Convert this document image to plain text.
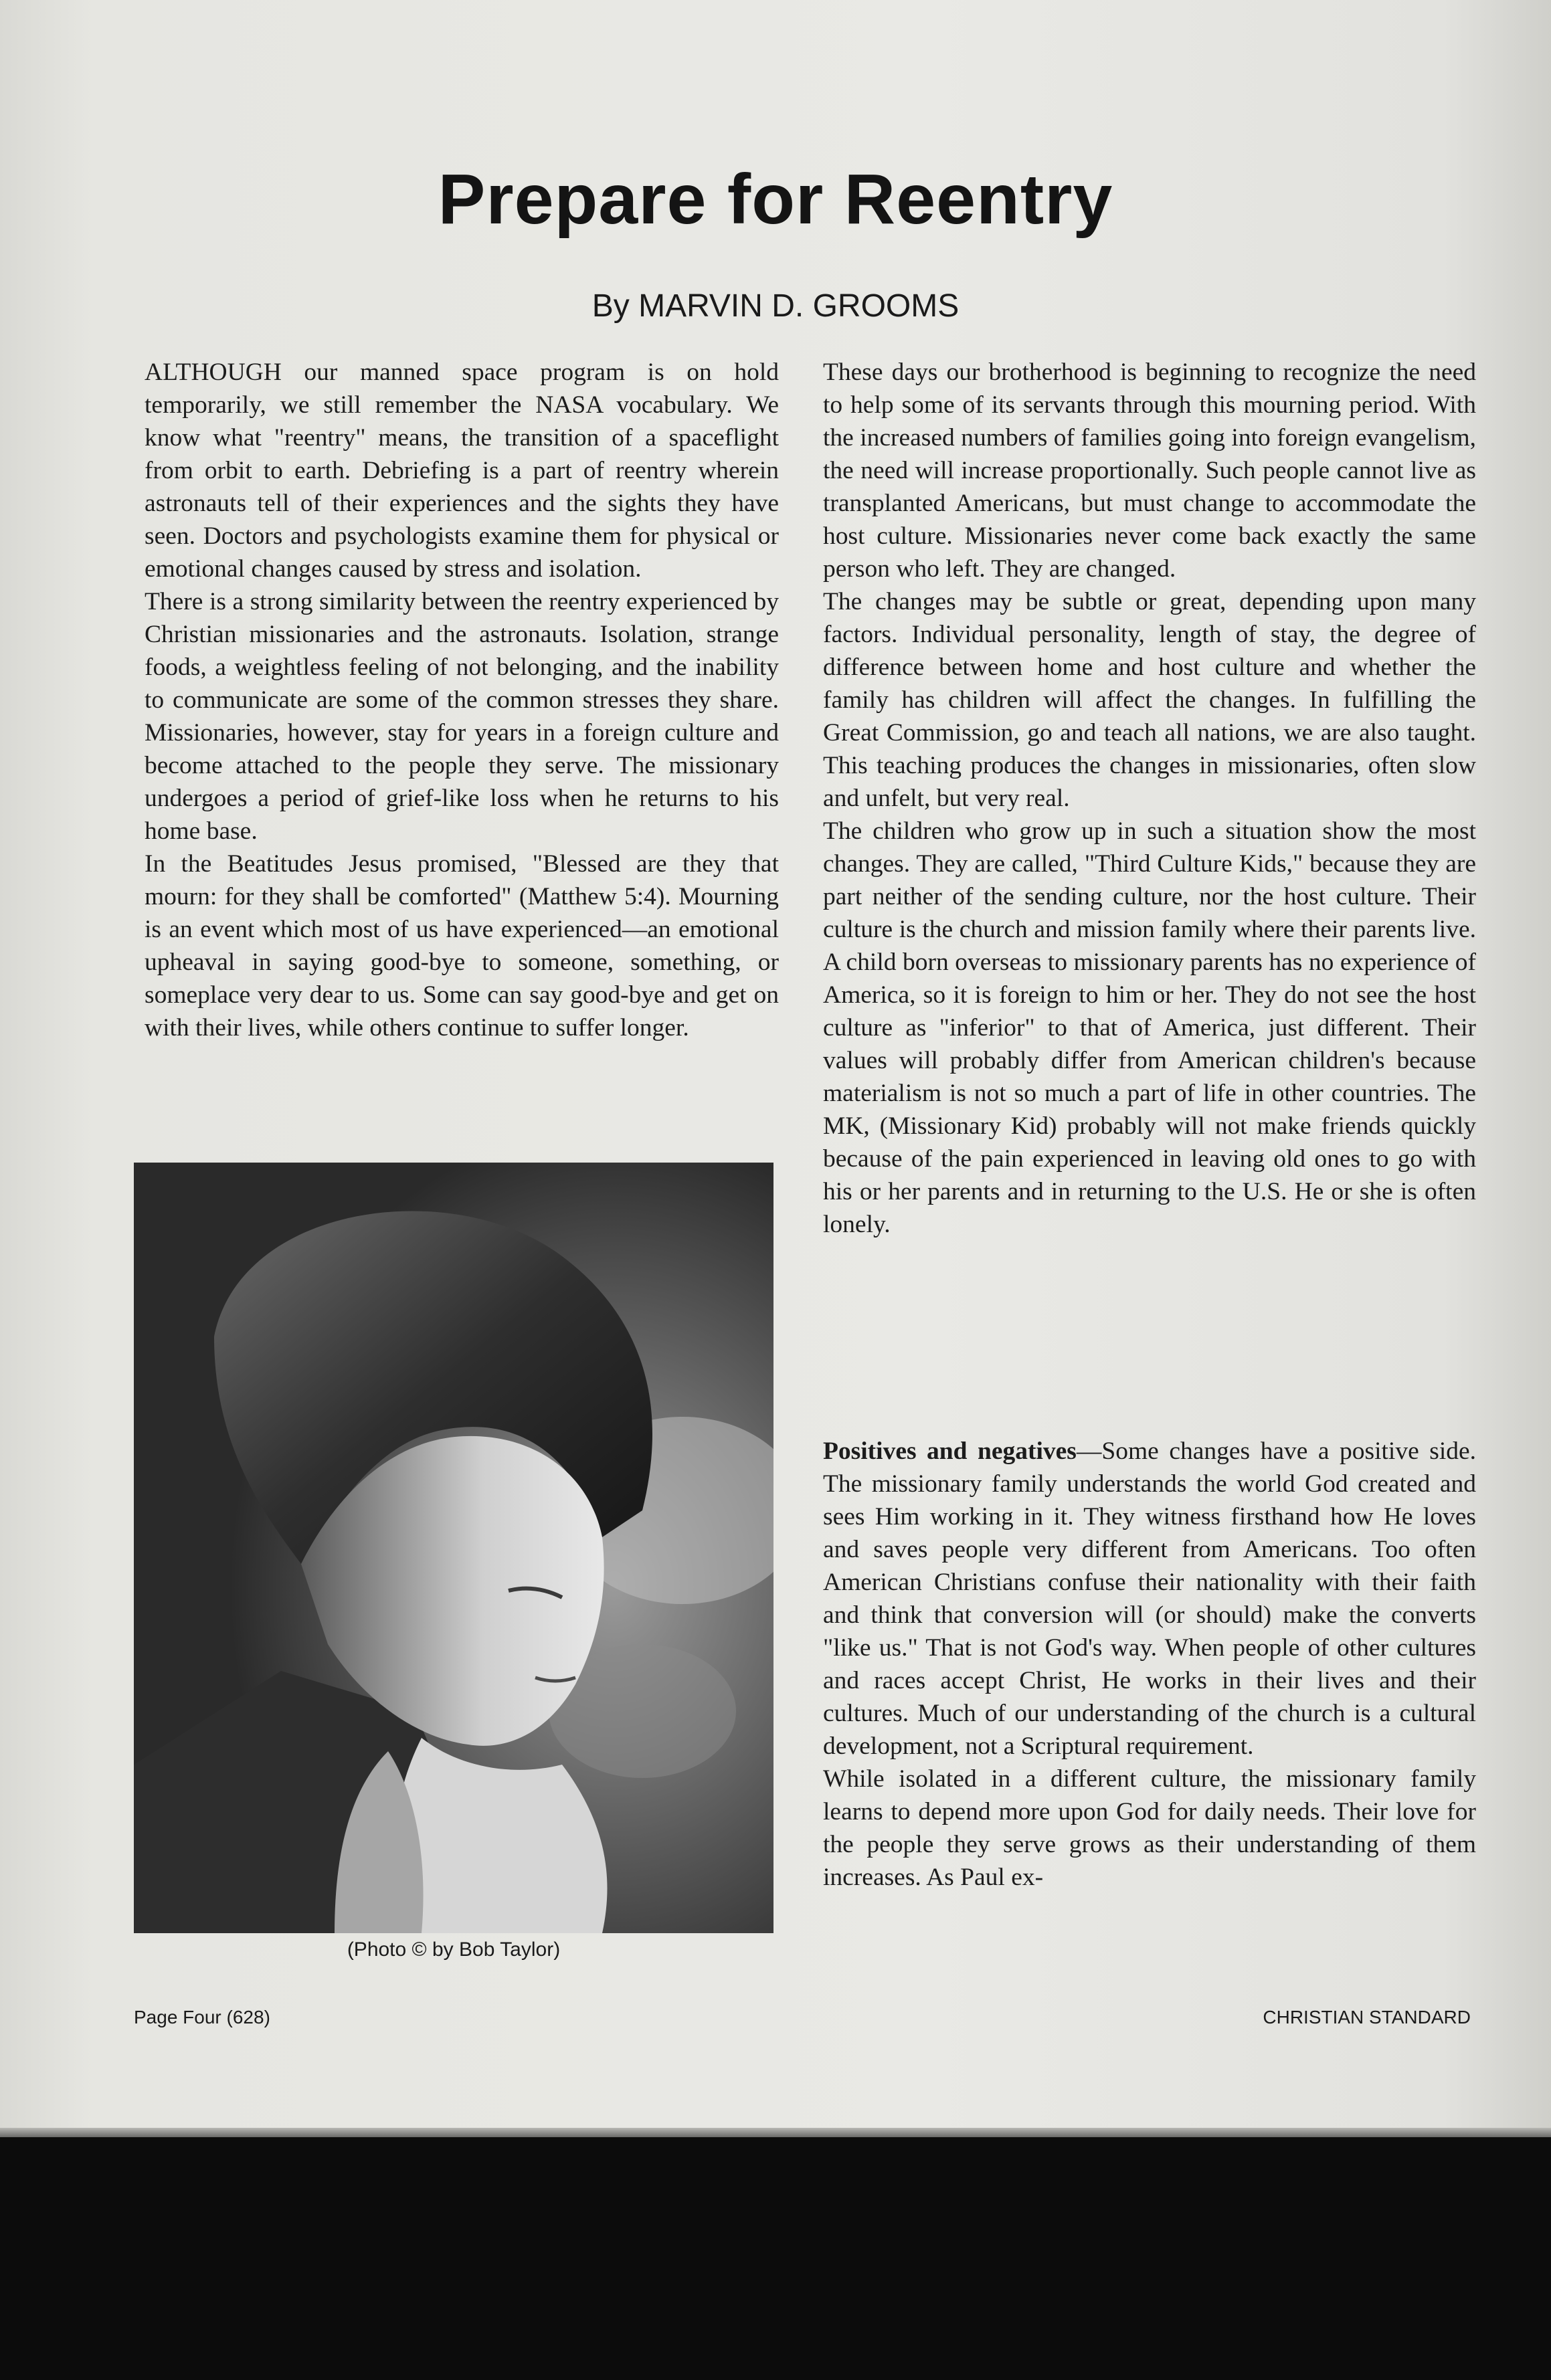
Prepare for Reentry
By MARVIN D. GROOMS

ALTHOUGH our manned space program is on hold temporarily, we still remember the NASA vocabulary. We know what "reentry" means, the transition of a spaceflight from orbit to earth. Debriefing is a part of reentry wherein astronauts tell of their experiences and the sights they have seen. Doctors and psychologists examine them for physical or emotional changes caused by stress and isolation.

There is a strong similarity between the reentry experienced by Christian missionaries and the astronauts. Isolation, strange foods, a weightless feeling of not belonging, and the inability to communicate are some of the common stresses they share. Missionaries, however, stay for years in a foreign culture and become attached to the people they serve. The missionary undergoes a period of grief-like loss when he returns to his home base.

In the Beatitudes Jesus promised, "Blessed are they that mourn: for they shall be comforted" (Matthew 5:4). Mourning is an event which most of us have experienced—an emotional upheaval in saying good-bye to someone, something, or someplace very dear to us. Some can say good-bye and get on with their lives, while others continue to suffer longer.

(Photo © by Bob Taylor)

These days our brotherhood is beginning to recognize the need to help some of its servants through this mourning period. With the increased numbers of families going into foreign evangelism, the need will increase proportionally. Such people cannot live as transplanted Americans, but must change to accommodate the host culture. Missionaries never come back exactly the same person who left. They are changed.

The changes may be subtle or great, depending upon many factors. Individual personality, length of stay, the degree of difference between home and host culture and whether the family has children will affect the changes. In fulfilling the Great Commission, go and teach all nations, we are also taught. This teaching produces the changes in missionaries, often slow and unfelt, but very real.

The children who grow up in such a situation show the most changes. They are called, "Third Culture Kids," because they are part neither of the sending culture, nor the host culture. Their culture is the church and mission family where their parents live. A child born overseas to missionary parents has no experience of America, so it is foreign to him or her. They do not see the host culture as "inferior" to that of America, just different. Their values will probably differ from American children's because materialism is not so much a part of life in other countries. The MK, (Missionary Kid) probably will not make friends quickly because of the pain experienced in leaving old ones to go with his or her parents and in returning to the U.S. He or she is often lonely.

Positives and negatives—Some changes have a positive side. The missionary family understands the world God created and sees Him working in it. They witness firsthand how He loves and saves people very different from Americans. Too often American Christians confuse their nationality with their faith and think that conversion will (or should) make the converts "like us." That is not God's way. When people of other cultures and races accept Christ, He works in their lives and their cultures. Much of our understanding of the church is a cultural development, not a Scriptural requirement.

While isolated in a different culture, the missionary family learns to depend more upon God for daily needs. Their love for the people they serve grows as their understanding of them increases. As Paul ex-

Page Four (628)	CHRISTIAN STANDARD
